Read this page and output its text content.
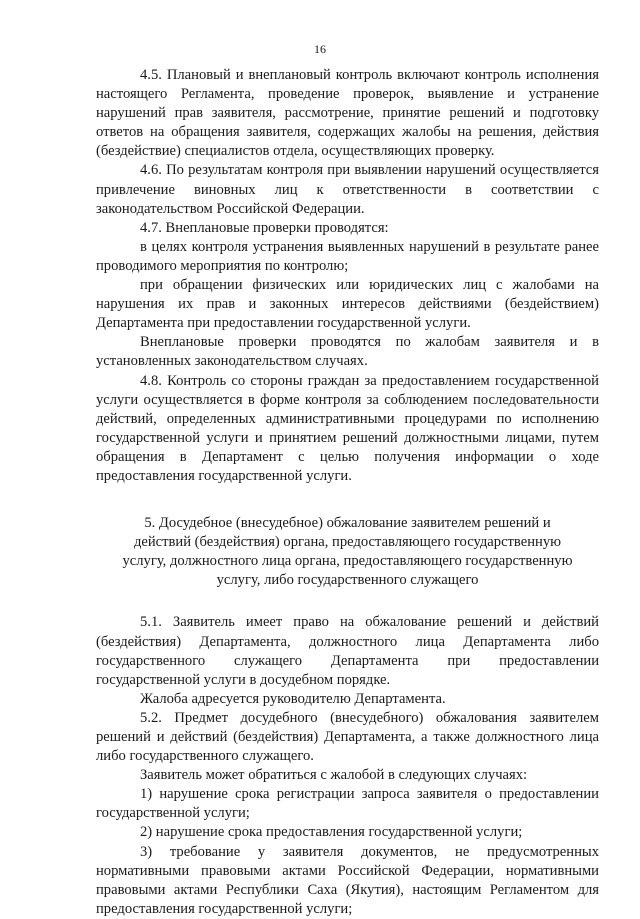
16

4.5. Плановый и внеплановый контроль включают контроль исполнения настоящего Регламента, проведение проверок, выявление и устранение нарушений прав заявителя, рассмотрение, принятие решений и подготовку ответов на обращения заявителя, содержащих жалобы на решения, действия (бездействие) специалистов отдела, осуществляющих проверку.

4.6. По результатам контроля при выявлении нарушений осуществляется привлечение виновных лиц к ответственности в соответствии с законодательством Российской Федерации.

4.7. Внеплановые проверки проводятся:

в целях контроля устранения выявленных нарушений в результате ранее проводимого мероприятия по контролю;

при обращении физических или юридических лиц с жалобами на нарушения их прав и законных интересов действиями (бездействием) Департамента при предоставлении государственной услуги.

Внеплановые проверки проводятся по жалобам заявителя и в установленных законодательством случаях.

4.8. Контроль со стороны граждан за предоставлением государственной услуги осуществляется в форме контроля за соблюдением последовательности действий, определенных административными процедурами по исполнению государственной услуги и принятием решений должностными лицами, путем обращения в Департамент с целью получения информации о ходе предоставления государственной услуги.

5. Досудебное (внесудебное) обжалование заявителем решений и действий (бездействия) органа, предоставляющего государственную услугу, должностного лица органа, предоставляющего государственную услугу, либо государственного служащего

5.1. Заявитель имеет право на обжалование решений и действий (бездействия) Департамента, должностного лица Департамента либо государственного служащего Департамента при предоставлении государственной услуги в досудебном порядке.

Жалоба адресуется руководителю Департамента.

5.2. Предмет досудебного (внесудебного) обжалования заявителем решений и действий (бездействия) Департамента, а также должностного лица либо государственного служащего.

Заявитель может обратиться с жалобой в следующих случаях:

1) нарушение срока регистрации запроса заявителя о предоставлении государственной услуги;

2) нарушение срока предоставления государственной услуги;

3) требование у заявителя документов, не предусмотренных нормативными правовыми актами Российской Федерации, нормативными правовыми актами Республики Саха (Якутия), настоящим Регламентом для предоставления государственной услуги;
